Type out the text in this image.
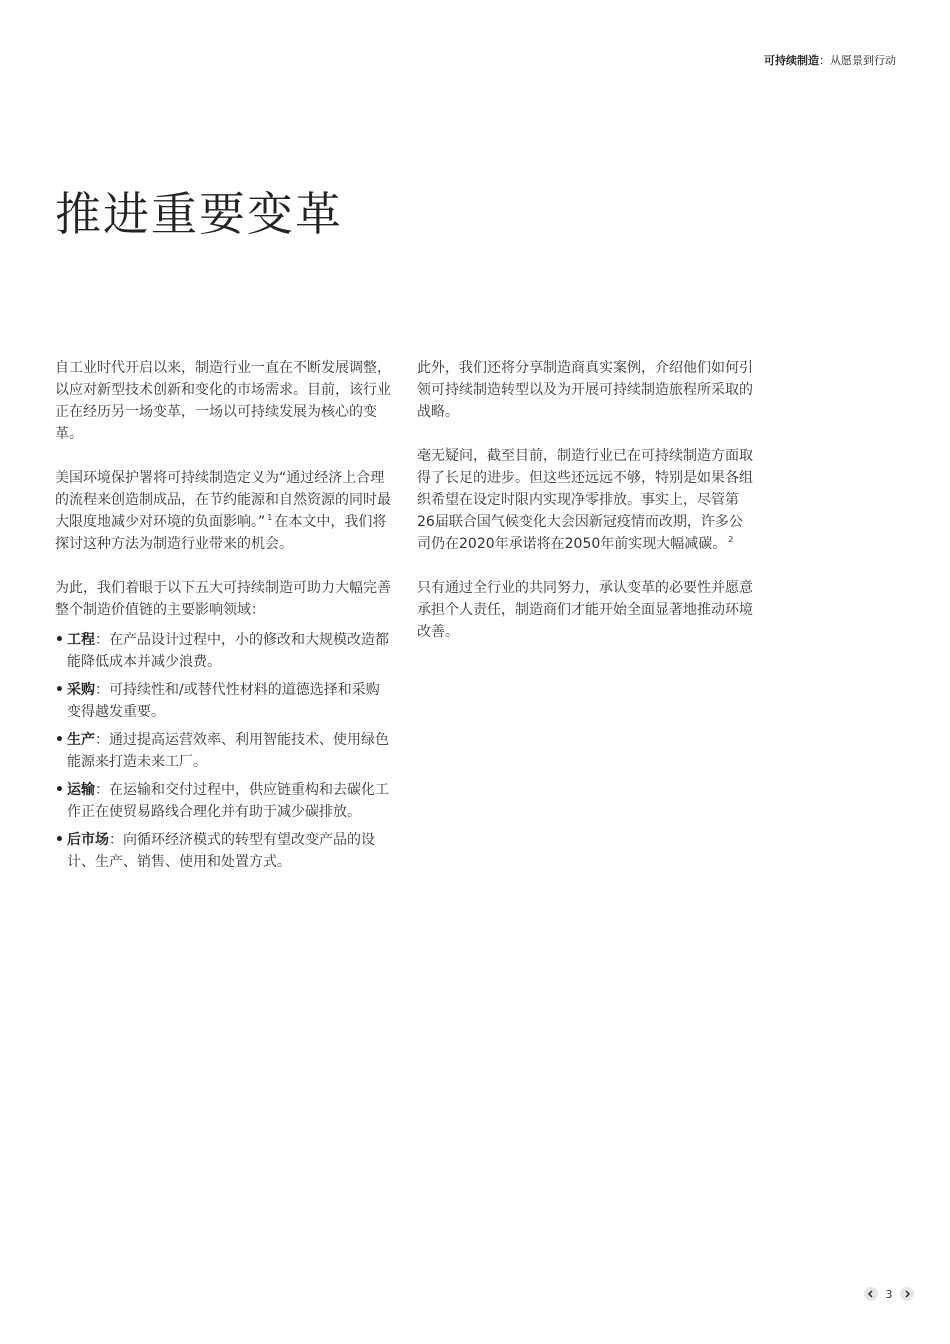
可持续制造：从愿景到行动
推进重要变革

自工业时代开启以来，制造行业一直在不断发展调整，以应对新型技术创新和变化的市场需求。目前，该行业正在经历另一场变革，一场以可持续发展为核心的变革。

美国环境保护署将可持续制造定义为“通过经济上合理的流程来创造制成品，在节约能源和自然资源的同时最大限度地减少对环境的负面影响。” $^1$ 在本文中，我们将探讨这种方法为制造行业带来的机会。

为此，我们着眼于以下五大可持续制造可助力大幅完善整个制造价值链的主要影响领域：

• 工程：在产品设计过程中，小的修改和大规模改造都能降低成本并减少浪费。
• 采购：可持续性和/或替代性材料的道德选择和采购变得越发重要。
• 生产：通过提高运营效率、利用智能技术、使用绿色能源来打造未来工厂。
• 运输：在运输和交付过程中，供应链重构和去碳化工作正在使贸易路线合理化并有助于减少碳排放。
• 后市场：向循环经济模式的转型有望改变产品的设计、生产、销售、使用和处置方式。

此外，我们还将分享制造商真实案例，介绍他们如何引领可持续制造转型以及为开展可持续制造旅程所采取的战略。

毫无疑问，截至目前，制造行业已在可持续制造方面取得了长足的进步。但这些还远远不够，特别是如果各组织希望在设定时限内实现净零排放。事实上，尽管第26届联合国气候变化大会因新冠疫情而改期，许多公司仍在2020年承诺将在2050年前实现大幅减碳。 $^2$

只有通过全行业的共同努力，承认变革的必要性并愿意承担个人责任，制造商们才能开始全面显著地推动环境改善。

3
